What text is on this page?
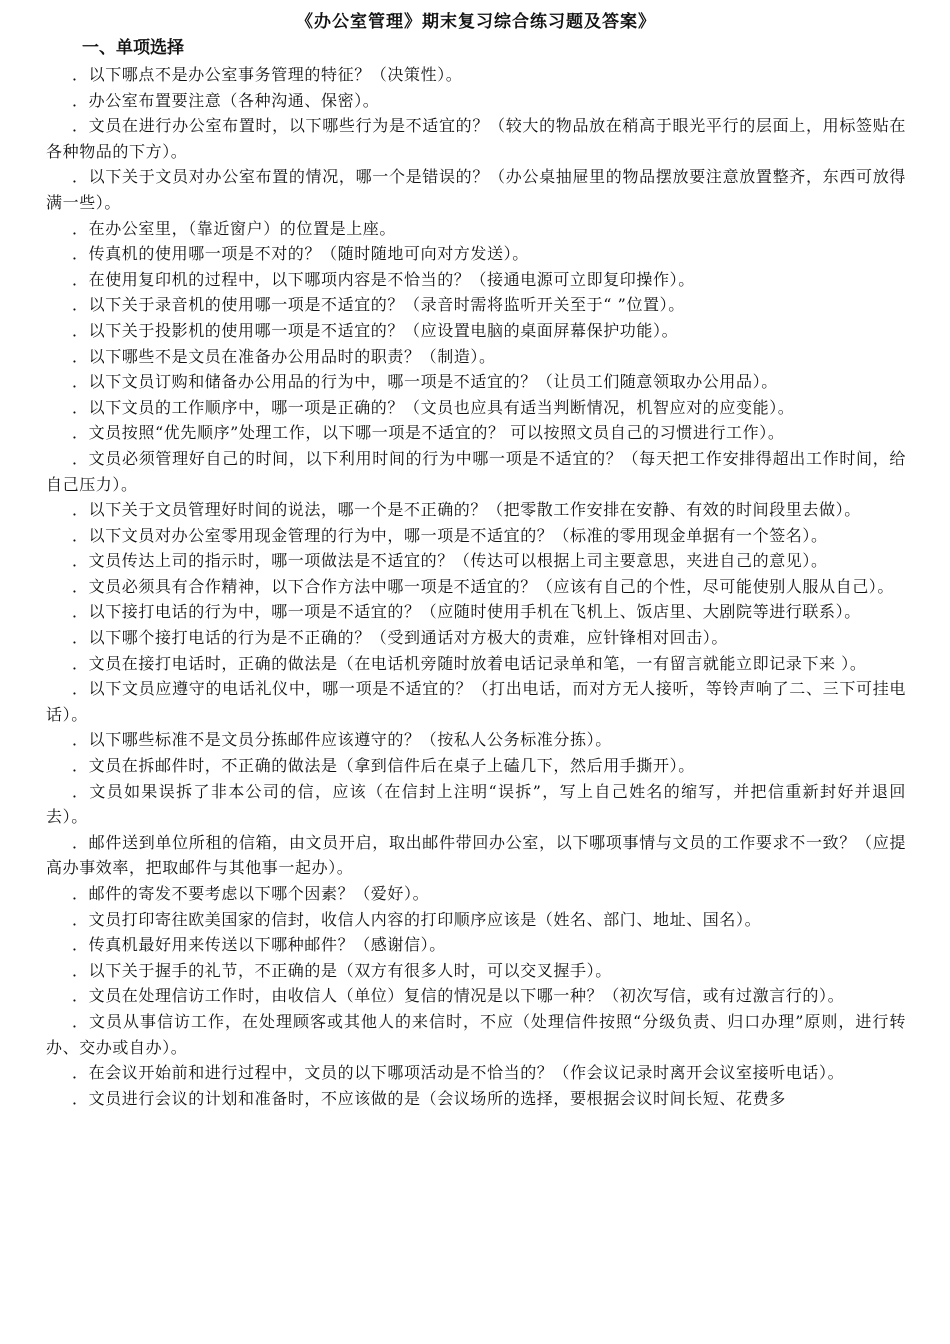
《办公室管理》期末复习综合练习题及答案》
一、单项选择

．以下哪点不是办公室事务管理的特征？（决策性）。

．办公室布置要注意（各种沟通、保密）。

．文员在进行办公室布置时，以下哪些行为是不适宜的？（较大的物品放在稍高于眼光平行的层面上，用标签贴在各种物品的下方）。

．以下关于文员对办公室布置的情况，哪一个是错误的？（办公桌抽屉里的物品摆放要注意放置整齐，东西可放得满一些）。

．在办公室里，（靠近窗户）的位置是上座。

．传真机的使用哪一项是不对的？（随时随地可向对方发送）。

．在使用复印机的过程中，以下哪项内容是不恰当的？（接通电源可立即复印操作）。

．以下关于录音机的使用哪一项是不适宜的？（录音时需将监听开关至于“ ”位置）。

．以下关于投影机的使用哪一项是不适宜的？（应设置电脑的桌面屏幕保护功能）。

．以下哪些不是文员在准备办公用品时的职责？（制造）。

．以下文员订购和储备办公用品的行为中，哪一项是不适宜的？（让员工们随意领取办公用品）。

．以下文员的工作顺序中，哪一项是正确的？（文员也应具有适当判断情况，机智应对的应变能）。

．文员按照“优先顺序”处理工作，以下哪一项是不适宜的？ 可以按照文员自己的习惯进行工作）。

．文员必须管理好自己的时间，以下利用时间的行为中哪一项是不适宜的？（每天把工作安排得超出工作时间，给自己压力）。

．以下关于文员管理好时间的说法，哪一个是不正确的？（把零散工作安排在安静、有效的时间段里去做）。

．以下文员对办公室零用现金管理的行为中，哪一项是不适宜的？（标准的零用现金单据有一个签名）。

．文员传达上司的指示时，哪一项做法是不适宜的？（传达可以根据上司主要意思，夹进自己的意见）。

．文员必须具有合作精神，以下合作方法中哪一项是不适宜的？（应该有自己的个性，尽可能使别人服从自己）。

．以下接打电话的行为中，哪一项是不适宜的？（应随时使用手机在飞机上、饭店里、大剧院等进行联系）。

．以下哪个接打电话的行为是不正确的？（受到通话对方极大的责难，应针锋相对回击）。

．文员在接打电话时，正确的做法是（在电话机旁随时放着电话记录单和笔，一有留言就能立即记录下来 ）。

．以下文员应遵守的电话礼仪中，哪一项是不适宜的？（打出电话，而对方无人接听，等铃声响了二、三下可挂电话）。

．以下哪些标准不是文员分拣邮件应该遵守的？（按私人公务标准分拣）。

．文员在拆邮件时，不正确的做法是（拿到信件后在桌子上磕几下，然后用手撕开）。

．文员如果误拆了非本公司的信，应该（在信封上注明“误拆”，写上自己姓名的缩写，并把信重新封好并退回去）。

．邮件送到单位所租的信箱，由文员开启，取出邮件带回办公室，以下哪项事情与文员的工作要求不一致？（应提高办事效率，把取邮件与其他事一起办）。

．邮件的寄发不要考虑以下哪个因素？（爱好）。

．文员打印寄往欧美国家的信封，收信人内容的打印顺序应该是（姓名、部门、地址、国名）。

．传真机最好用来传送以下哪种邮件？（感谢信）。

．以下关于握手的礼节，不正确的是（双方有很多人时，可以交叉握手）。

．文员在处理信访工作时，由收信人（单位）复信的情况是以下哪一种？（初次写信，或有过激言行的）。

．文员从事信访工作，在处理顾客或其他人的来信时，不应（处理信件按照“分级负责、归口办理”原则，进行转办、交办或自办）。

．在会议开始前和进行过程中，文员的以下哪项活动是不恰当的？（作会议记录时离开会议室接听电话）。

．文员进行会议的计划和准备时，不应该做的是（会议场所的选择，要根据会议时间长短、花费多
